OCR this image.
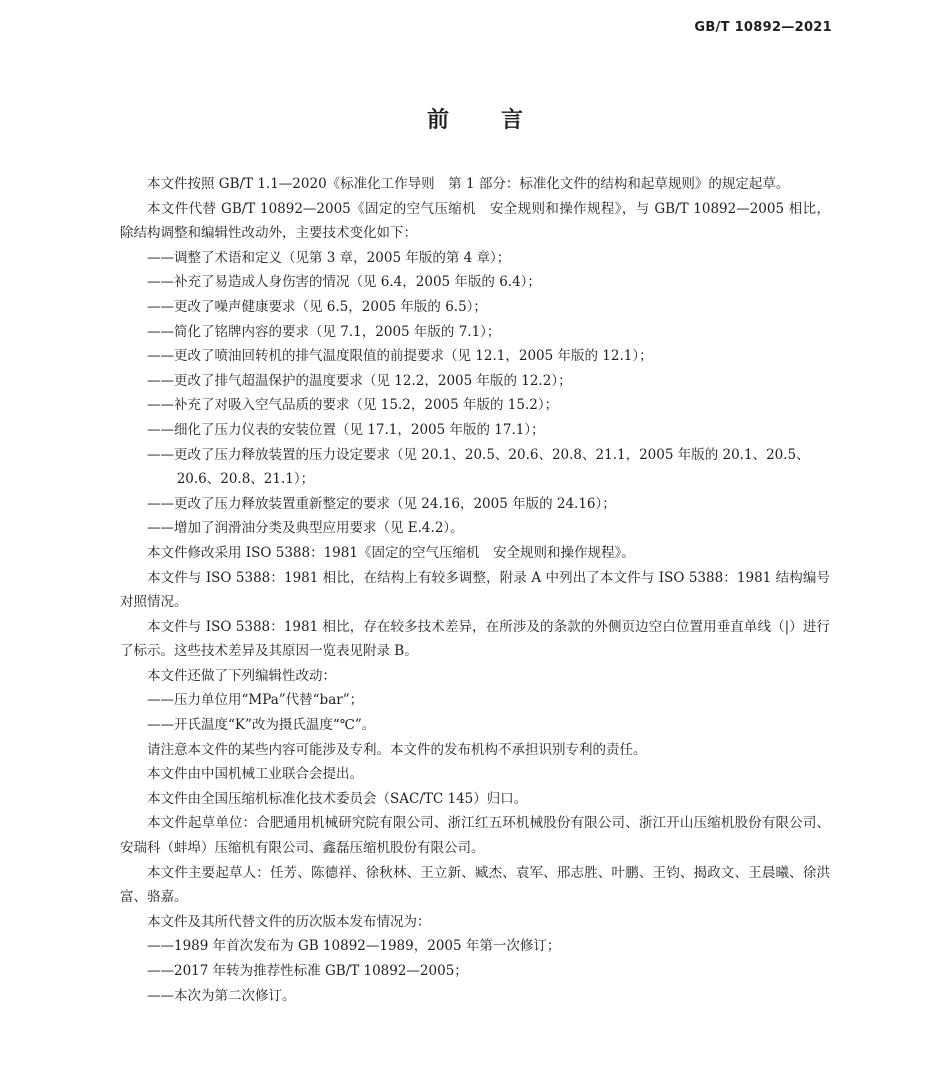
GB/T 10892—2021
前言

本文件按照 GB/T 1.1—2020《标准化工作导则　第 1 部分：标准化文件的结构和起草规则》的规定起草。

本文件代替 GB/T 10892—2005《固定的空气压缩机　安全规则和操作规程》，与 GB/T 10892—2005 相比，除结构调整和编辑性改动外，主要技术变化如下：

——调整了术语和定义（见第 3 章，2005 年版的第 4 章）；

——补充了易造成人身伤害的情况（见 6.4，2005 年版的 6.4）；

——更改了噪声健康要求（见 6.5，2005 年版的 6.5）；

——简化了铭牌内容的要求（见 7.1，2005 年版的 7.1）；

——更改了喷油回转机的排气温度限值的前提要求（见 12.1，2005 年版的 12.1）；

——更改了排气超温保护的温度要求（见 12.2，2005 年版的 12.2）；

——补充了对吸入空气品质的要求（见 15.2，2005 年版的 15.2）；

——细化了压力仪表的安装位置（见 17.1，2005 年版的 17.1）；

——更改了压力释放装置的压力设定要求（见 20.1、20.5、20.6、20.8、21.1，2005 年版的 20.1、20.5、

20.6、20.8、21.1）；

——更改了压力释放装置重新整定的要求（见 24.16，2005 年版的 24.16）；

——增加了润滑油分类及典型应用要求（见 E.4.2）。

本文件修改采用 ISO 5388：1981《固定的空气压缩机　安全规则和操作规程》。

本文件与 ISO 5388：1981 相比，在结构上有较多调整，附录 A 中列出了本文件与 ISO 5388：1981 结构编号对照情况。

本文件与 ISO 5388：1981 相比，存在较多技术差异，在所涉及的条款的外侧页边空白位置用垂直单线（|）进行了标示。这些技术差异及其原因一览表见附录 B。

本文件还做了下列编辑性改动：

——压力单位用“MPa”代替“bar”；

——开氏温度“K”改为摄氏温度“℃”。

请注意本文件的某些内容可能涉及专利。本文件的发布机构不承担识别专利的责任。

本文件由中国机械工业联合会提出。

本文件由全国压缩机标准化技术委员会（SAC/TC 145）归口。

本文件起草单位：合肥通用机械研究院有限公司、浙江红五环机械股份有限公司、浙江开山压缩机股份有限公司、安瑞科（蚌埠）压缩机有限公司、鑫磊压缩机股份有限公司。

本文件主要起草人：任芳、陈德祥、徐秋林、王立新、臧杰、袁军、邢志胜、叶鹏、王钧、揭政文、王晨曦、徐洪富、骆嘉。

本文件及其所代替文件的历次版本发布情况为：

——1989 年首次发布为 GB 10892—1989，2005 年第一次修订；

——2017 年转为推荐性标准 GB/T 10892—2005；

——本次为第二次修订。
